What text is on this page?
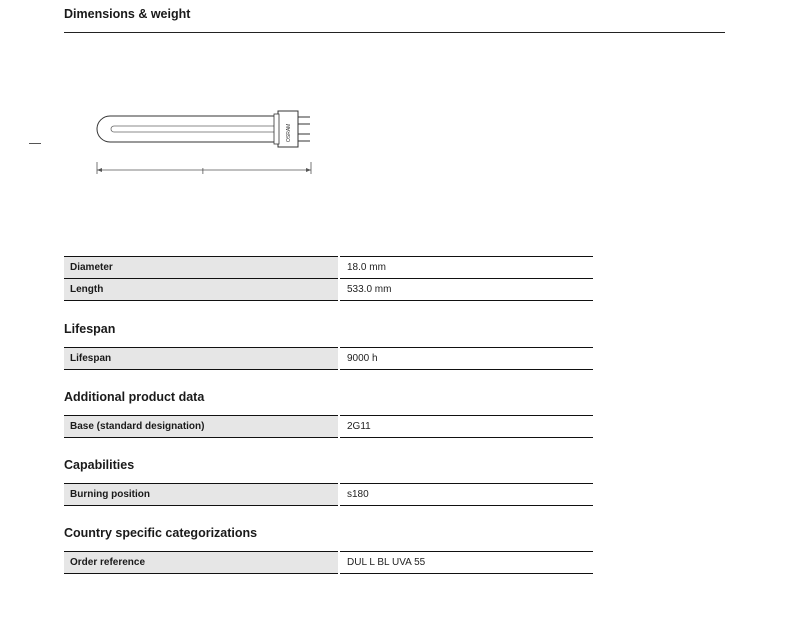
Dimensions & weight
OSRAM
l
Diameter	18.0 mm
Length	533.0 mm
Lifespan
Lifespan	9000 h
Additional product data
Base (standard designation)	2G11
Capabilities
Burning position	s180
Country specific categorizations
Order reference	DUL L BL UVA 55
